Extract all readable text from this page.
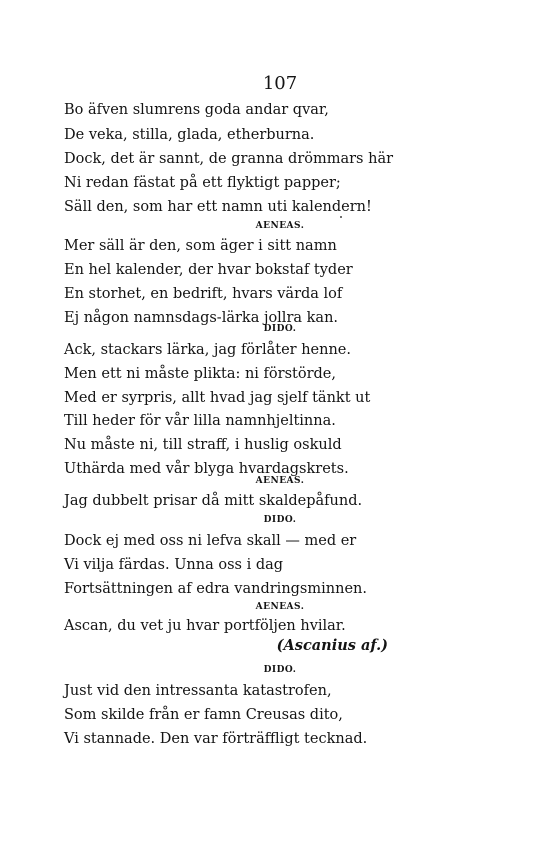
107
Bo äfven slumrens goda andar qvar,
De veka, stilla, glada, etherburna.
Dock, det är sannt, de granna drömmars här
Ni redan fästat på ett flyktigt papper;
Säll den, som har ett namn uti kalendern!
AENEAS.
Mer säll är den, som äger i sitt namn
En hel kalender, der hvar bokstaf tyder
En storhet, en bedrift, hvars värda lof
Ej någon namnsdags-lärka jollra kan.
DIDO.
Ack, stackars lärka, jag förlåter henne.
Men ett ni måste plikta: ni förstörde,
Med er syrpris, allt hvad jag sjelf tänkt ut
Till heder för vår lilla namnhjeltinna.
Nu måste ni, till straff, i huslig oskuld
Uthärda med vår blyga hvardagskrets.
AENEAS.
Jag dubbelt prisar då mitt skaldepåfund.
DIDO.
Dock ej med oss ni lefva skall — med er
Vi vilja färdas. Unna oss i dag
Fortsättningen af edra vandringsminnen.
AENEAS.
Ascan, du vet ju hvar portföljen hvilar.
(Ascanius af.)
DIDO.
Just vid den intressanta katastrofen,
Som skilde från er famn Creusas dito,
Vi stannade. Den var förträffligt tecknad.
